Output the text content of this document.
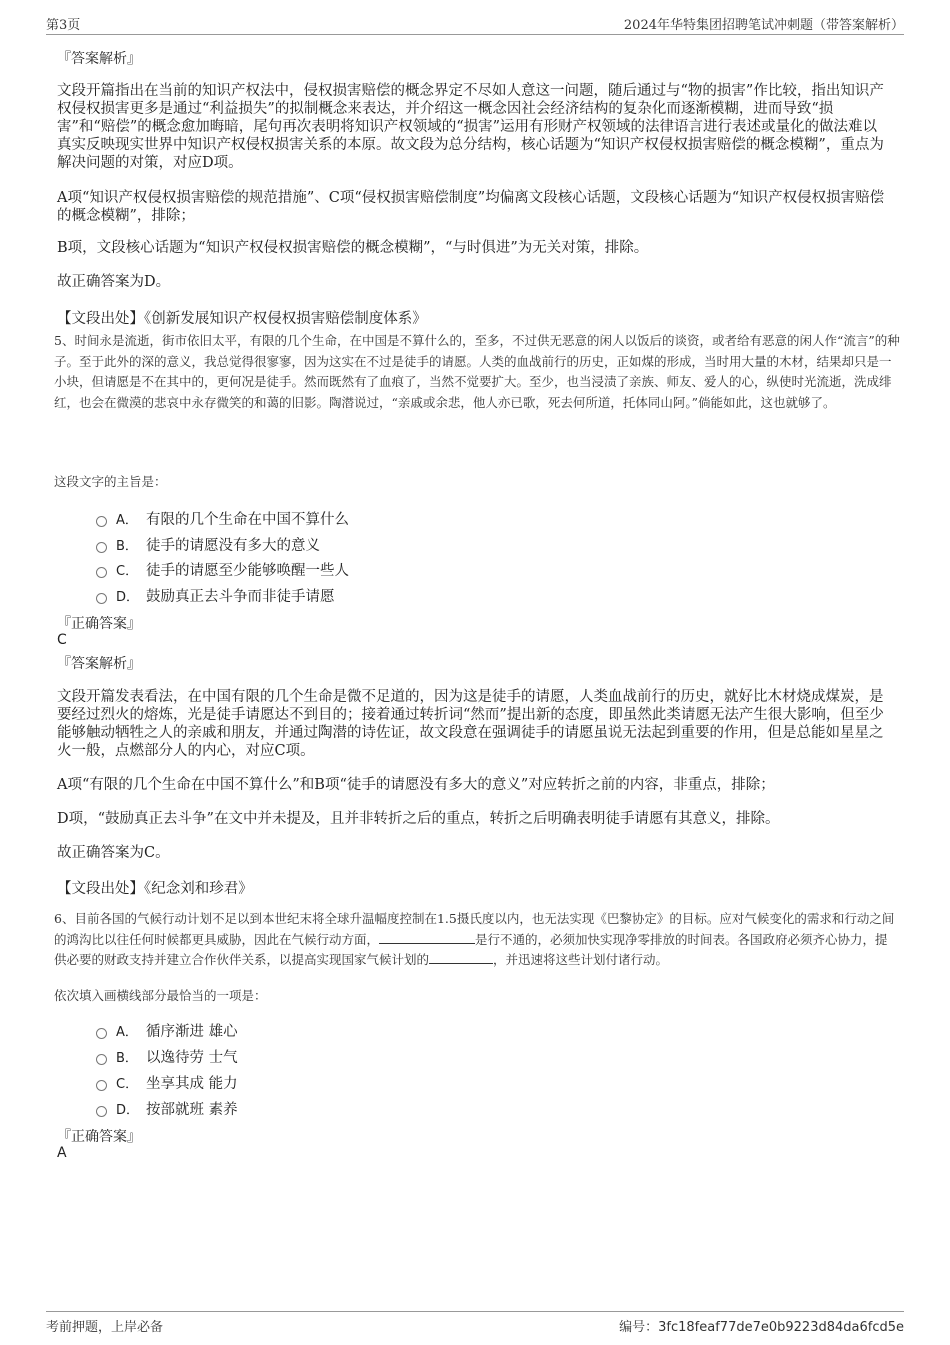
第3页	2024年华特集团招聘笔试冲刺题（带答案解析）
『答案解析』

文段开篇指出在当前的知识产权法中，侵权损害赔偿的概念界定不尽如人意这一问题，随后通过与“物的损害”作比较，指出知识产权侵权损害更多是通过“利益损失”的拟制概念来表达，并介绍这一概念因社会经济结构的复杂化而逐渐模糊，进而导致“损害”和“赔偿”的概念愈加晦暗，尾句再次表明将知识产权领域的“损害”运用有形财产权领域的法律语言进行表述或量化的做法难以真实反映现实世界中知识产权侵权损害关系的本原。故文段为总分结构，核心话题为“知识产权侵权损害赔偿的概念模糊”，重点为解决问题的对策，对应D项。

A项“知识产权侵权损害赔偿的规范措施”、C项“侵权损害赔偿制度”均偏离文段核心话题，文段核心话题为“知识产权侵权损害赔偿的概念模糊”，排除；

B项，文段核心话题为“知识产权侵权损害赔偿的概念模糊”，“与时俱进”为无关对策，排除。

故正确答案为D。

【文段出处】《创新发展知识产权侵权损害赔偿制度体系》

5、时间永是流逝，街市依旧太平，有限的几个生命，在中国是不算什么的，至多，不过供无恶意的闲人以饭后的谈资，或者给有恶意的闲人作“流言”的种子。至于此外的深的意义，我总觉得很寥寥，因为这实在不过是徒手的请愿。人类的血战前行的历史，正如煤的形成，当时用大量的木材，结果却只是一小块，但请愿是不在其中的，更何况是徒手。然而既然有了血痕了，当然不觉要扩大。至少，也当浸渍了亲族、师友、爱人的心，纵使时光流逝，洗成绯红，也会在微漠的悲哀中永存微笑的和蔼的旧影。陶潜说过，“亲戚或余悲，他人亦已歌，死去何所道，托体同山阿。”倘能如此，这也就够了。

这段文字的主旨是：
A． 有限的几个生命在中国不算什么
B． 徒手的请愿没有多大的意义
C． 徒手的请愿至少能够唤醒一些人
D． 鼓励真正去斗争而非徒手请愿
『正确答案』
C
『答案解析』

文段开篇发表看法，在中国有限的几个生命是微不足道的，因为这是徒手的请愿，人类血战前行的历史，就好比木材烧成煤炭，是要经过烈火的熔炼，光是徒手请愿达不到目的；接着通过转折词“然而”提出新的态度，即虽然此类请愿无法产生很大影响，但至少能够触动牺牲之人的亲戚和朋友，并通过陶潜的诗佐证，故文段意在强调徒手的请愿虽说无法起到重要的作用，但是总能如星星之火一般，点燃部分人的内心，对应C项。

A项“有限的几个生命在中国不算什么”和B项“徒手的请愿没有多大的意义”对应转折之前的内容，非重点，排除；

D项，“鼓励真正去斗争”在文中并未提及，且并非转折之后的重点，转折之后明确表明徒手请愿有其意义，排除。

故正确答案为C。

【文段出处】《纪念刘和珍君》

6、目前各国的气候行动计划不足以到本世纪末将全球升温幅度控制在1.5摄氏度以内，也无法实现《巴黎协定》的目标。应对气候变化的需求和行动之间的鸿沟比以往任何时候都更具威胁，因此在气候行动方面，	是行不通的，必须加快实现净零排放的时间表。各国政府必须齐心协力，提供必要的财政支持并建立合作伙伴关系，以提高实现国家气候计划的	，并迅速将这些计划付诸行动。

依次填入画横线部分最恰当的一项是：
A． 循序渐进 雄心
B． 以逸待劳 士气
C． 坐享其成 能力
D． 按部就班 素养
『正确答案』
A
考前押题，上岸必备	编号：3fc18feaf77de7e0b9223d84da6fcd5e
